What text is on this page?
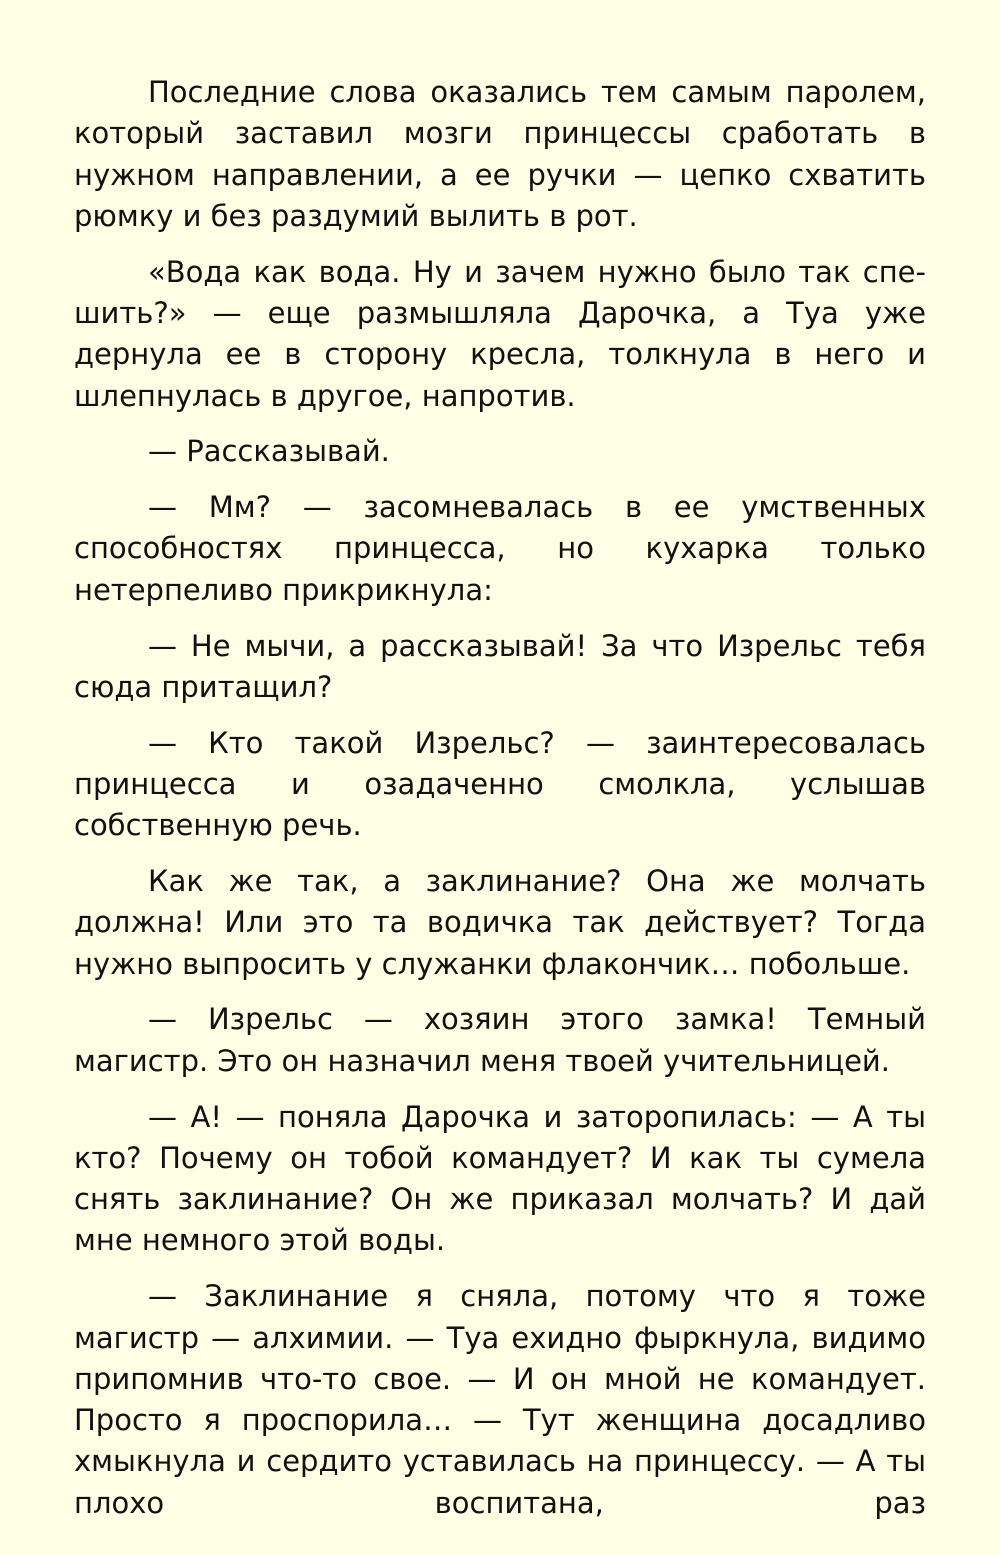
Последние слова оказались тем самым паролем, который заставил мозги принцессы сработать в нужном направлении, а ее ручки — цепко схватить рюмку и без раздумий вылить в рот.

«Вода как вода. Ну и зачем нужно было так спешить?» — еще размышляла Дарочка, а Туа уже дернула ее в сторону кресла, толкнула в него и шлепнулась в другое, напротив.

— Рассказывай.

— Мм? — засомневалась в ее умственных способностях принцесса, но кухарка только нетерпеливо прикрикнула:

— Не мычи, а рассказывай! За что Изрельс тебя сюда притащил?

— Кто такой Изрельс? — заинтересовалась принцесса и озадаченно смолкла, услышав собственную речь.

Как же так, а заклинание? Она же молчать должна! Или это та водичка так действует? Тогда нужно выпросить у служанки флакончик… побольше.

— Изрельс — хозяин этого замка! Темный магистр. Это он назначил меня твоей учительницей.

— А! — поняла Дарочка и заторопилась: — А ты кто? Почему он тобой командует? И как ты сумела снять заклинание? Он же приказал молчать? И дай мне немного этой воды.

— Заклинание я сняла, потому что я тоже магистр — алхимии. — Туа ехидно фыркнула, видимо припомнив что-то свое. — И он мной не командует. Просто я проспорила… — Тут женщина досадливо хмыкнула и сердито уставилась на принцессу. — А ты плохо воспитана, раз
